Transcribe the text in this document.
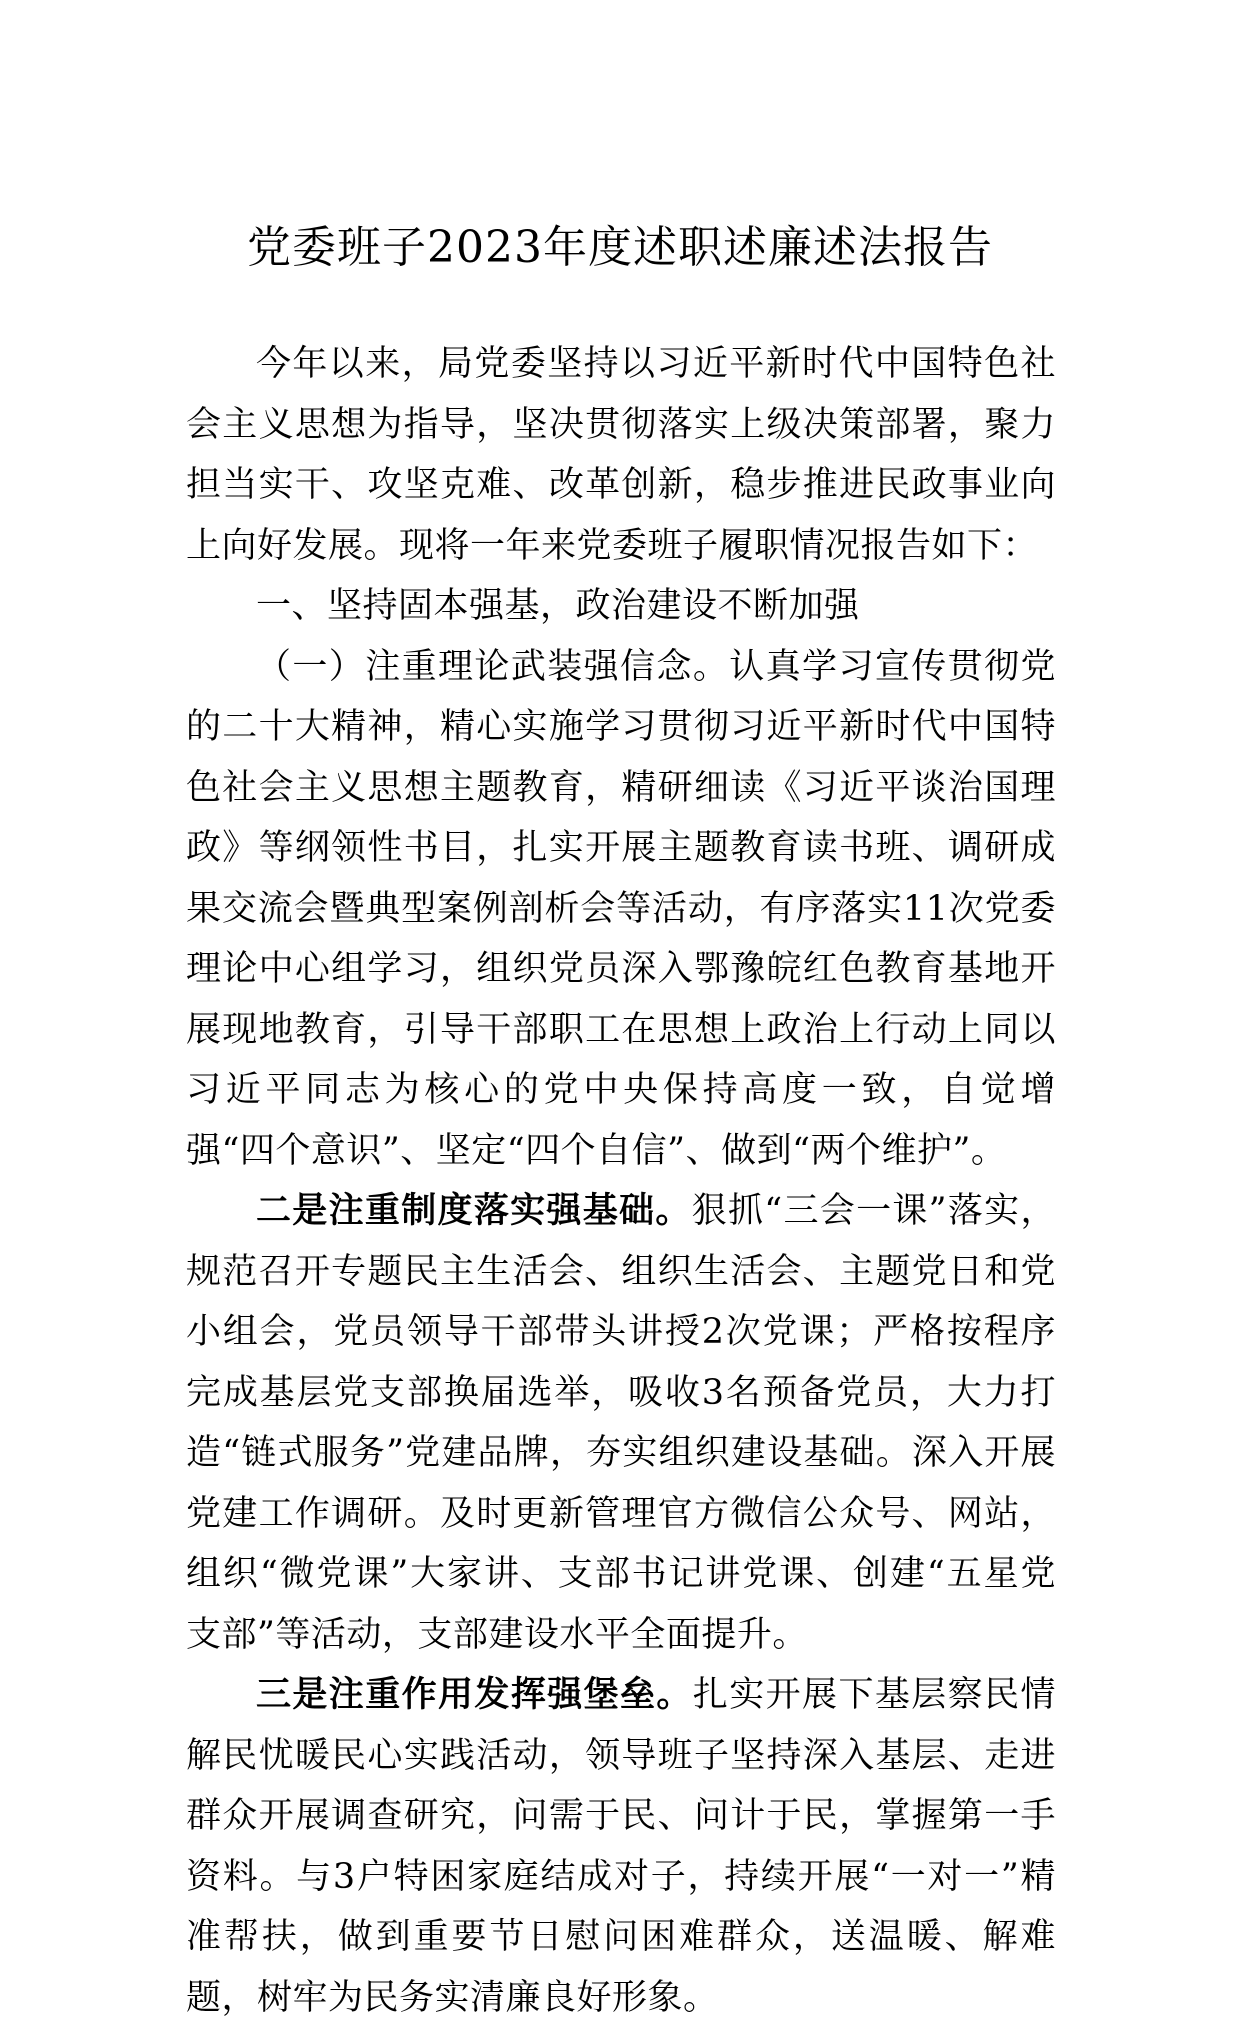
党委班子2023年度述职述廉述法报告

今年以来，局党委坚持以习近平新时代中国特色社会主义思想为指导，坚决贯彻落实上级决策部署，聚力担当实干、攻坚克难、改革创新，稳步推进民政事业向上向好发展。现将一年来党委班子履职情况报告如下：

一、坚持固本强基，政治建设不断加强

（一）注重理论武装强信念。认真学习宣传贯彻党的二十大精神，精心实施学习贯彻习近平新时代中国特色社会主义思想主题教育，精研细读《习近平谈治国理政》等纲领性书目，扎实开展主题教育读书班、调研成果交流会暨典型案例剖析会等活动，有序落实11次党委理论中心组学习，组织党员深入鄂豫皖红色教育基地开展现地教育，引导干部职工在思想上政治上行动上同以习近平同志为核心的党中央保持高度一致，自觉增强“四个意识”、坚定“四个自信”、做到“两个维护”。

二是注重制度落实强基础。狠抓“三会一课”落实，规范召开专题民主生活会、组织生活会、主题党日和党小组会，党员领导干部带头讲授2次党课；严格按程序完成基层党支部换届选举，吸收3名预备党员，大力打造“链式服务”党建品牌，夯实组织建设基础。深入开展党建工作调研。及时更新管理官方微信公众号、网站，组织“微党课”大家讲、支部书记讲党课、创建“五星党支部”等活动，支部建设水平全面提升。

三是注重作用发挥强堡垒。扎实开展下基层察民情解民忧暖民心实践活动，领导班子坚持深入基层、走进群众开展调查研究，问需于民、问计于民，掌握第一手资料。与3户特困家庭结成对子，持续开展“一对一”精准帮扶，做到重要节日慰问困难群众，送温暖、解难题，树牢为民务实清廉良好形象。
